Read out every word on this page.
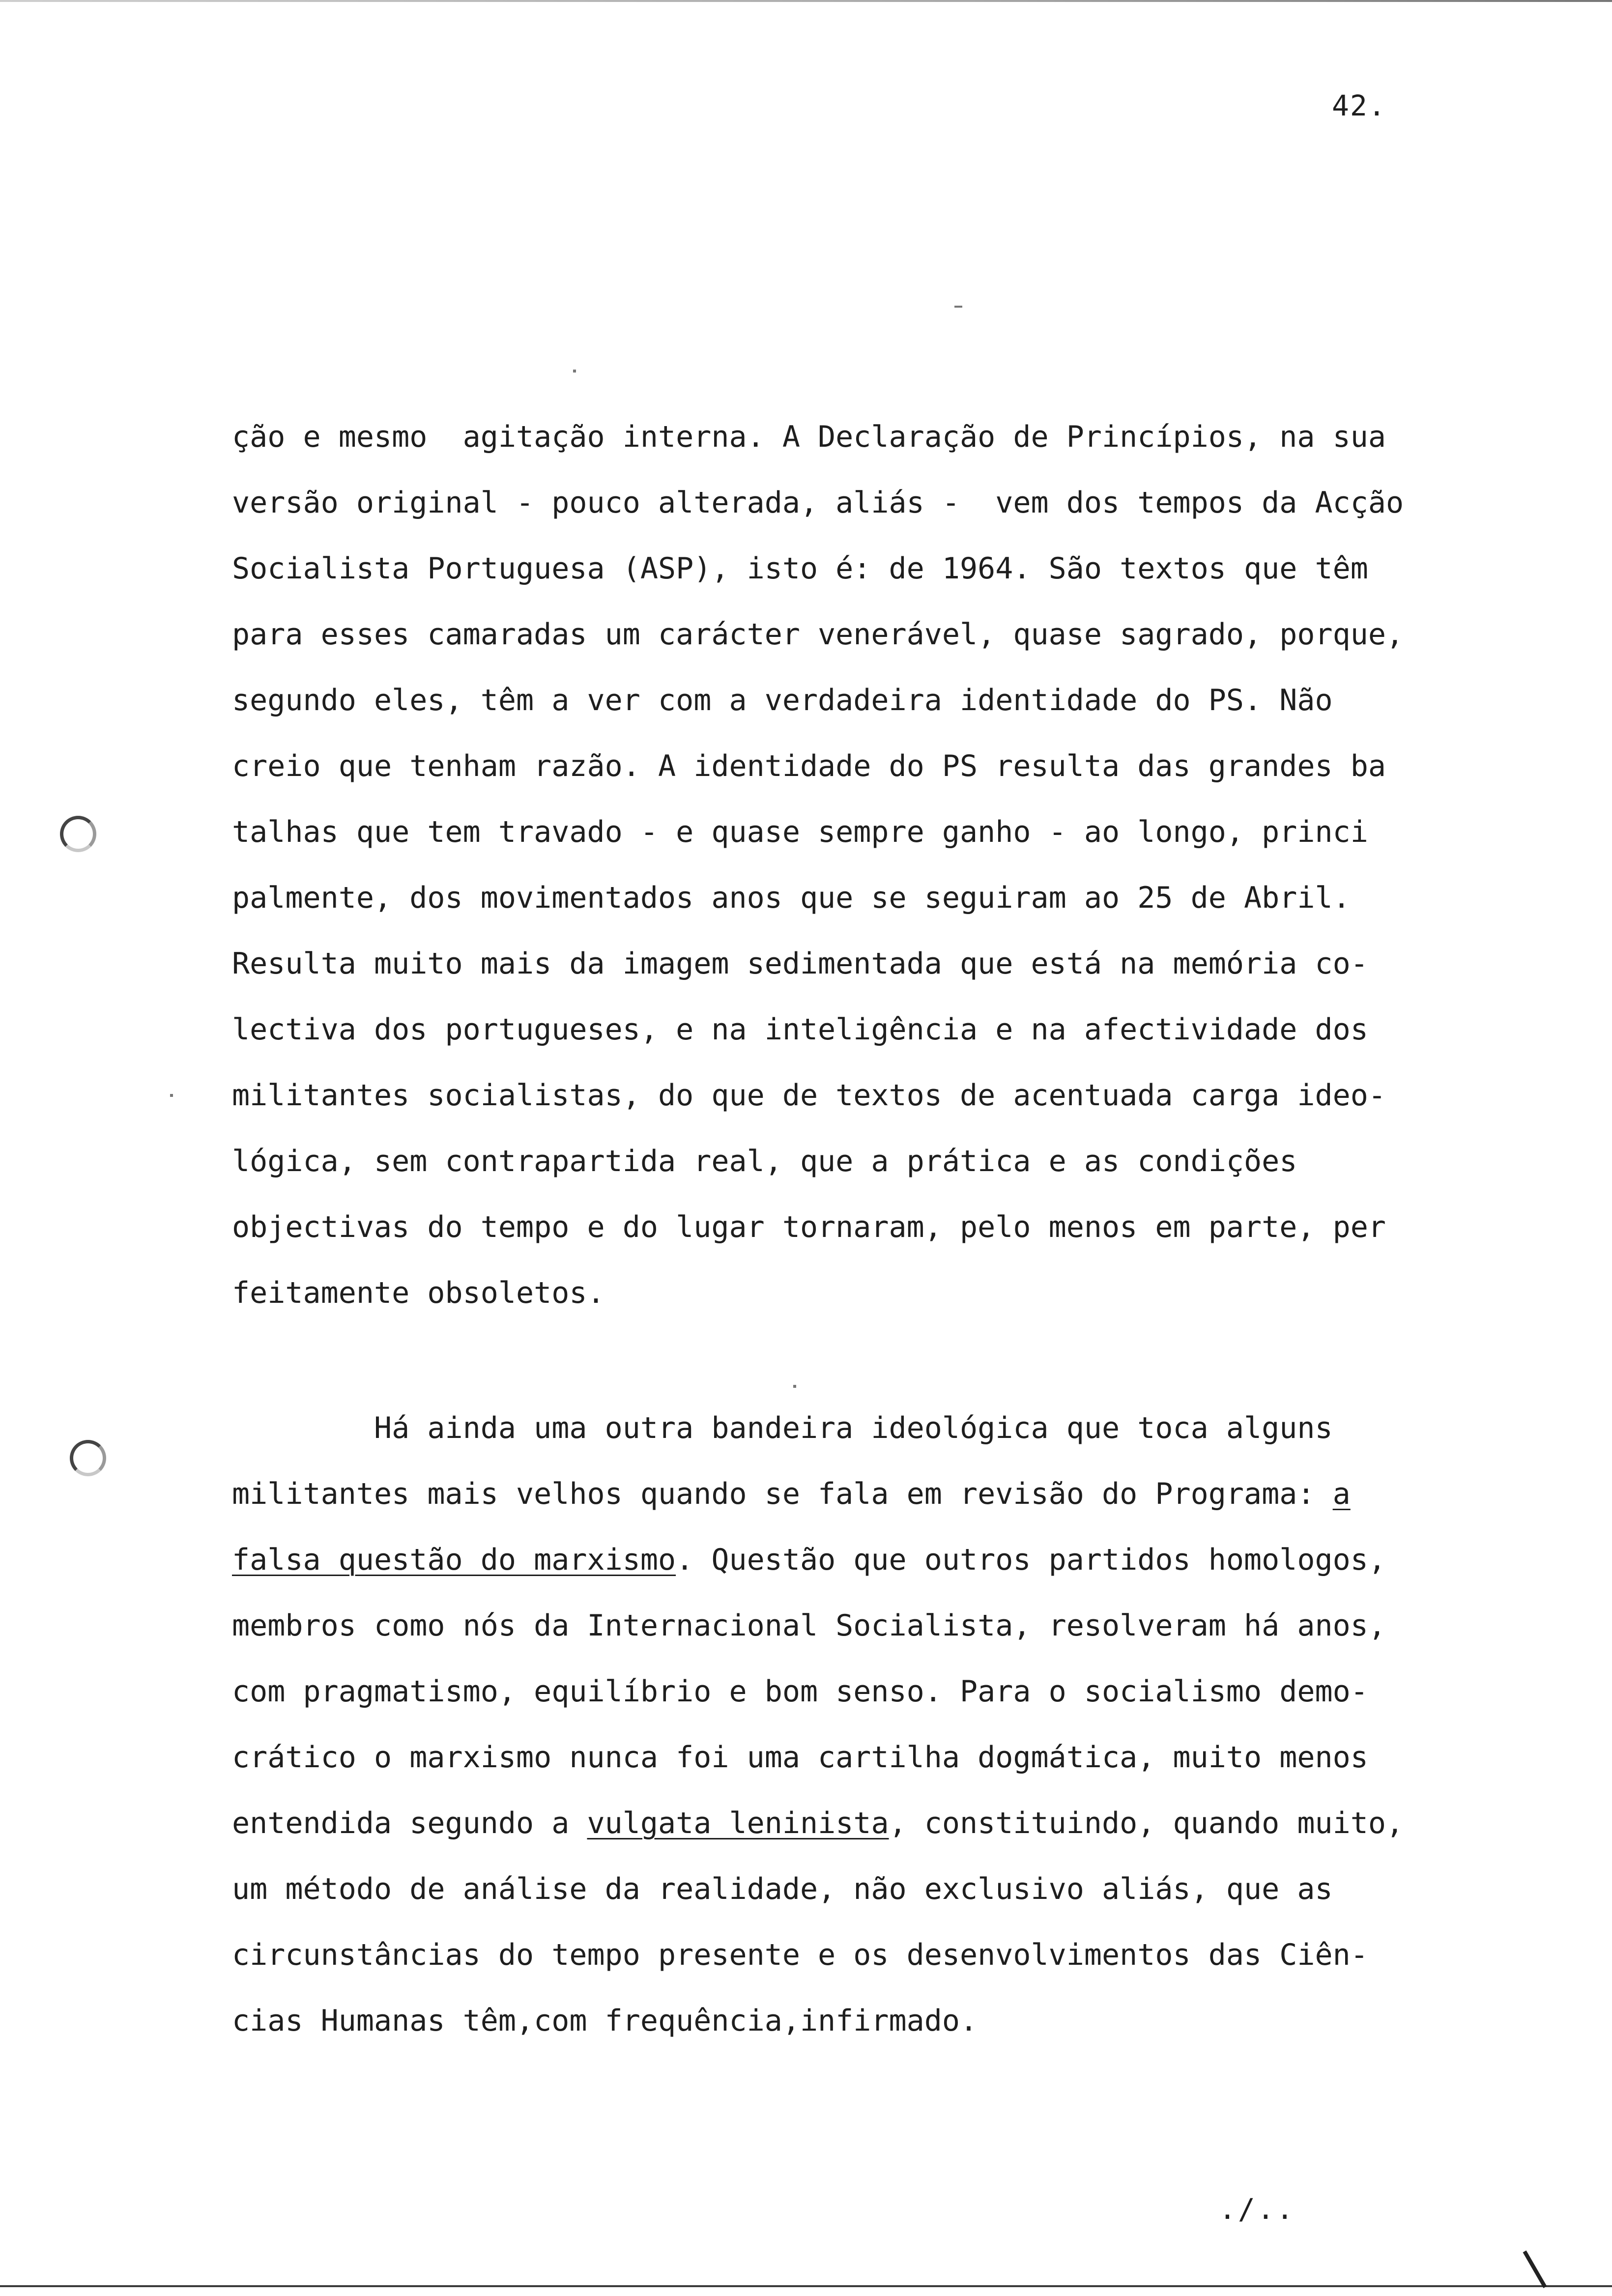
42.
ção e mesmo  agitação interna. A Declaração de Princípios, na sua
versão original - pouco alterada, aliás -  vem dos tempos da Acção
Socialista Portuguesa (ASP), isto é: de 1964. São textos que têm
para esses camaradas um carácter venerável, quase sagrado, porque,
segundo eles, têm a ver com a verdadeira identidade do PS. Não
creio que tenham razão. A identidade do PS resulta das grandes ba
talhas que tem travado - e quase sempre ganho - ao longo, princi
palmente, dos movimentados anos que se seguiram ao 25 de Abril.
Resulta muito mais da imagem sedimentada que está na memória co-
lectiva dos portugueses, e na inteligência e na afectividade dos
militantes socialistas, do que de textos de acentuada carga ideo-
lógica, sem contrapartida real, que a prática e as condições
objectivas do tempo e do lugar tornaram, pelo menos em parte, per
feitamente obsoletos.
Há ainda uma outra bandeira ideológica que toca alguns
militantes mais velhos quando se fala em revisão do Programa: a
falsa questão do marxismo. Questão que outros partidos homologos,
membros como nós da Internacional Socialista, resolveram há anos,
com pragmatismo, equilíbrio e bom senso. Para o socialismo demo-
crático o marxismo nunca foi uma cartilha dogmática, muito menos
entendida segundo a vulgata leninista, constituindo, quando muito,
um método de análise da realidade, não exclusivo aliás, que as
circunstâncias do tempo presente e os desenvolvimentos das Ciên-
cias Humanas têm,com frequência,infirmado.
./..
